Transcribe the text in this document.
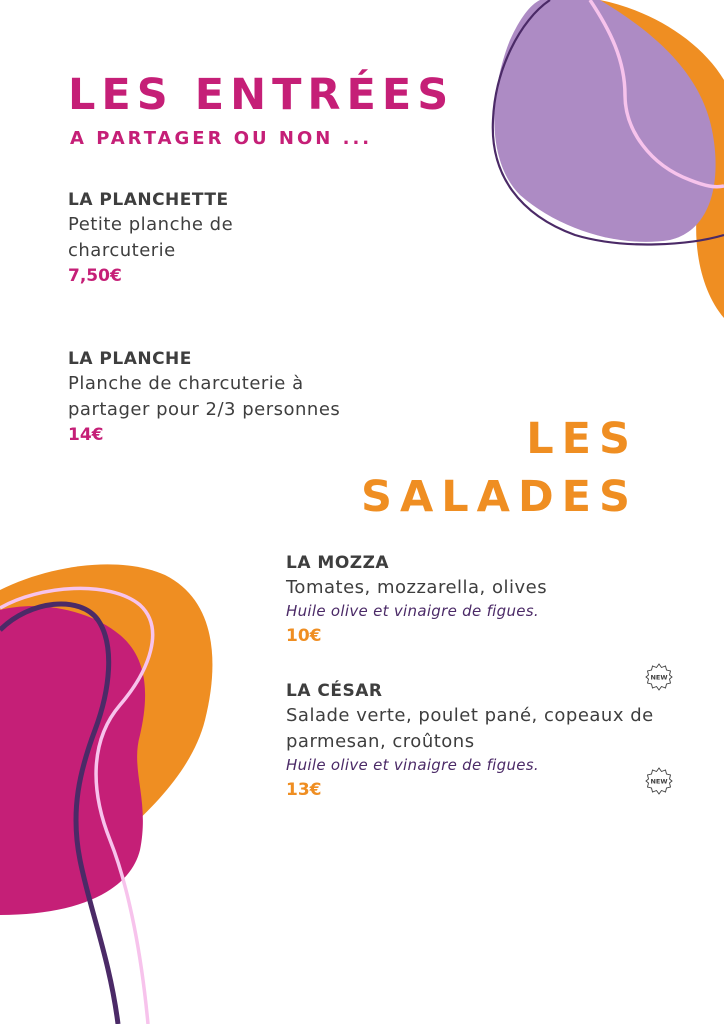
LES ENTRÉES

A PARTAGER OU NON ...

LA PLANCHETTE
Petite planche de charcuterie
7,50€
LA PLANCHE
Planche de charcuterie à partager pour 2/3 personnes
14€	LES
SALADES
LA MOZZA
Tomates, mozzarella, olives
Huile olive et vinaigre de figues.
10€
LA CÉSAR
Salade verte, poulet pané, copeaux de parmesan, croûtons
Huile olive et vinaigre de figues.
13€
NEW
NEW
